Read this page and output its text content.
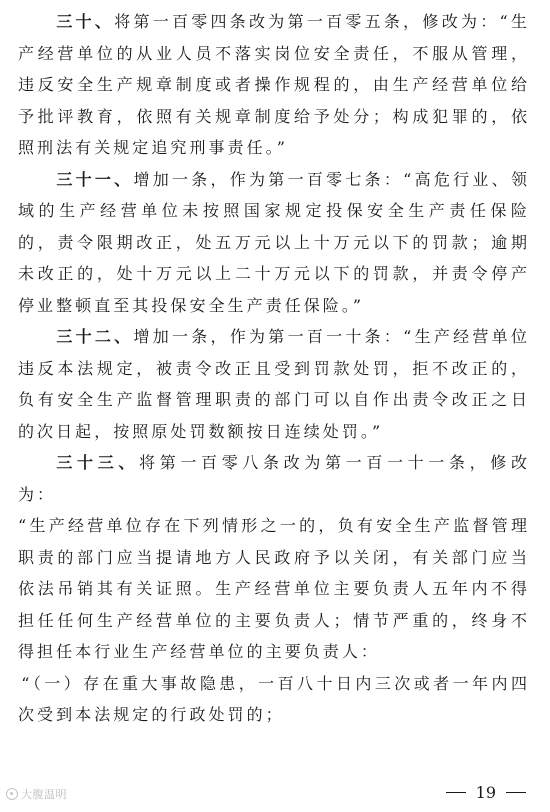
三十、将第一百零四条改为第一百零五条，修改为：“生产经营单位的从业人员不落实岗位安全责任，不服从管理，违反安全生产规章制度或者操作规程的，由生产经营单位给予批评教育，依照有关规章制度给予处分；构成犯罪的，依照刑法有关规定追究刑事责任。”

三十一、增加一条，作为第一百零七条：“高危行业、领域的生产经营单位未按照国家规定投保安全生产责任保险的，责令限期改正，处五万元以上十万元以下的罚款；逾期未改正的，处十万元以上二十万元以下的罚款，并责令停产停业整顿直至其投保安全生产责任保险。”

三十二、增加一条，作为第一百一十条：“生产经营单位违反本法规定，被责令改正且受到罚款处罚，拒不改正的，负有安全生产监督管理职责的部门可以自作出责令改正之日的次日起，按照原处罚数额按日连续处罚。”

三十三、将第一百零八条改为第一百一十一条，修改为：

“生产经营单位存在下列情形之一的，负有安全生产监督管理职责的部门应当提请地方人民政府予以关闭，有关部门应当依法吊销其有关证照。生产经营单位主要负责人五年内不得担任任何生产经营单位的主要负责人；情节严重的，终身不得担任本行业生产经营单位的主要负责人：

“（一）存在重大事故隐患，一百八十日内三次或者一年内四次受到本法规定的行政处罚的；

大腹温明	19
